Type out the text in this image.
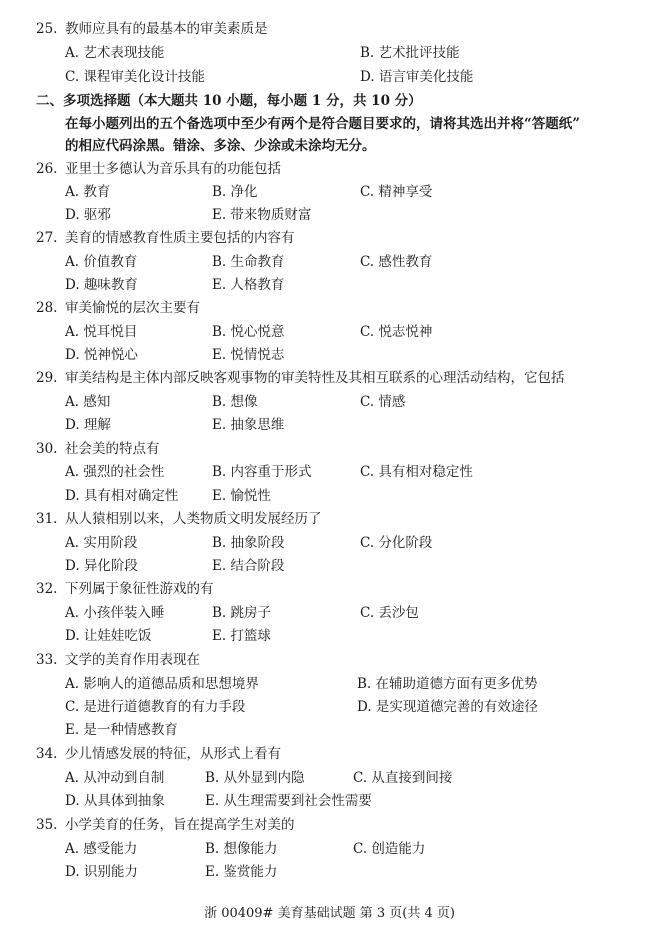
25. 教师应具有的最基本的审美素质是
A. 艺术表现技能	B. 艺术批评技能
C. 课程审美化设计技能	D. 语言审美化技能
二、多项选择题（本大题共 10 小题，每小题 1 分，共 10 分）
在每小题列出的五个备选项中至少有两个是符合题目要求的，请将其选出并将“答题纸”
的相应代码涂黑。错涂、多涂、少涂或未涂均无分。
26. 亚里士多德认为音乐具有的功能包括
A. 教育	B. 净化	C. 精神享受
D. 驱邪	E. 带来物质财富
27. 美育的情感教育性质主要包括的内容有
A. 价值教育	B. 生命教育	C. 感性教育
D. 趣味教育	E. 人格教育
28. 审美愉悦的层次主要有
A. 悦耳悦目	B. 悦心悦意	C. 悦志悦神
D. 悦神悦心	E. 悦情悦志
29. 审美结构是主体内部反映客观事物的审美特性及其相互联系的心理活动结构，它包括
A. 感知	B. 想像	C. 情感
D. 理解	E. 抽象思维
30. 社会美的特点有
A. 强烈的社会性	B. 内容重于形式	C. 具有相对稳定性
D. 具有相对确定性 E. 愉悦性
31. 从人猿相别以来，人类物质文明发展经历了
A. 实用阶段	B. 抽象阶段	C. 分化阶段
D. 异化阶段	E. 结合阶段
32. 下列属于象征性游戏的有
A. 小孩伴装入睡	B. 跳房子	C. 丢沙包
D. 让娃娃吃饭	E. 打篮球
33. 文学的美育作用表现在
A. 影响人的道德品质和思想境界	B. 在辅助道德方面有更多优势
C. 是进行道德教育的有力手段	D. 是实现道德完善的有效途径
E. 是一种情感教育
34. 少儿情感发展的特征，从形式上看有
A. 从冲动到自制	B. 从外显到内隐	C. 从直接到间接
D. 从具体到抽象	E. 从生理需要到社会性需要
35. 小学美育的任务，旨在提高学生对美的
A. 感受能力	B. 想像能力	C. 创造能力
D. 识别能力	E. 鉴赏能力
浙 00409# 美育基础试题 第 3 页(共 4 页)
